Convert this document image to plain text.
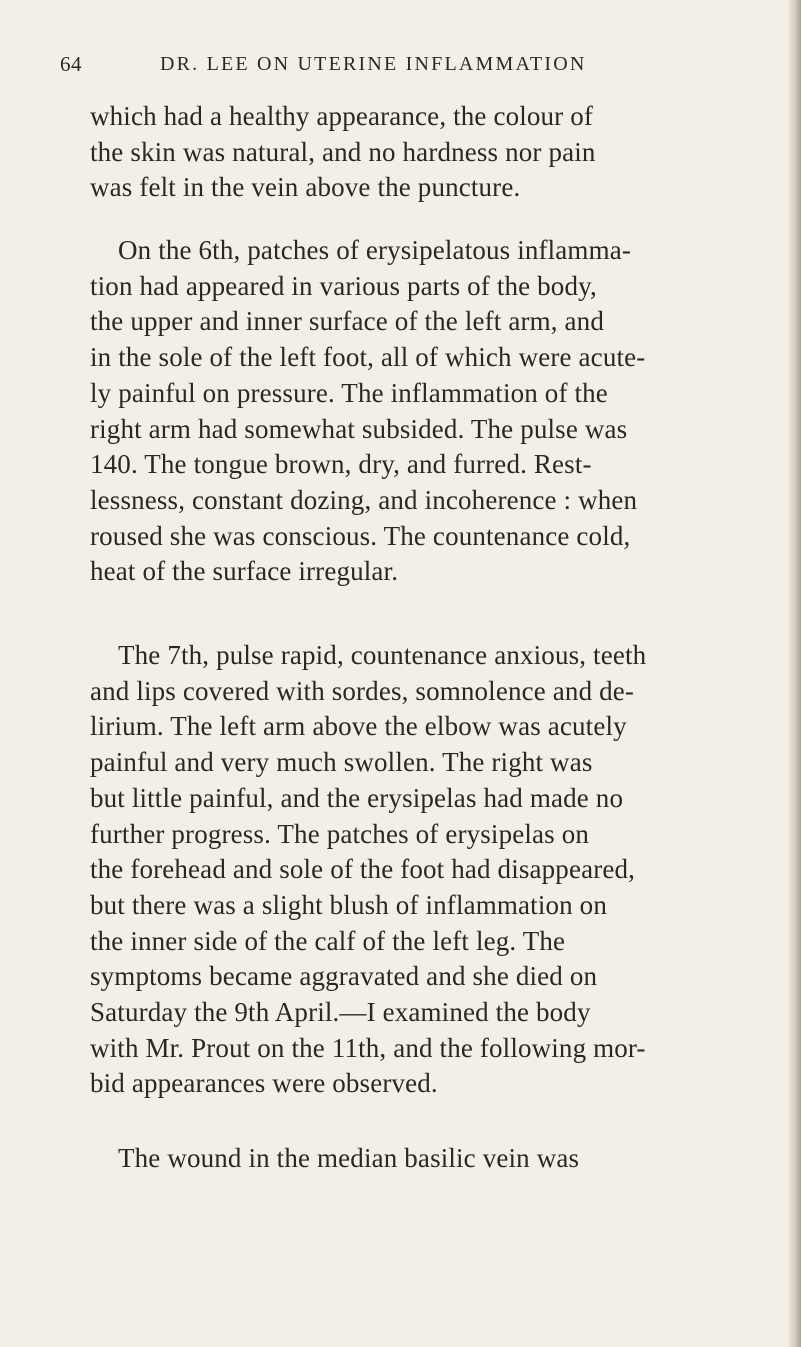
64	DR. LEE ON UTERINE INFLAMMATION
which had a healthy appearance, the colour of
the skin was natural, and no hardness nor pain
was felt in the vein above the puncture.
On the 6th, patches of erysipelatous inflamma-
tion had appeared in various parts of the body,
the upper and inner surface of the left arm, and
in the sole of the left foot, all of which were acute-
ly painful on pressure. The inflammation of the
right arm had somewhat subsided. The pulse was
140. The tongue brown, dry, and furred. Rest-
lessness, constant dozing, and incoherence : when
roused she was conscious. The countenance cold,
heat of the surface irregular.
The 7th, pulse rapid, countenance anxious, teeth
and lips covered with sordes, somnolence and de-
lirium. The left arm above the elbow was acutely
painful and very much swollen. The right was
but little painful, and the erysipelas had made no
further progress. The patches of erysipelas on
the forehead and sole of the foot had disappeared,
but there was a slight blush of inflammation on
the inner side of the calf of the left leg. The
symptoms became aggravated and she died on
Saturday the 9th April.—I examined the body
with Mr. Prout on the 11th, and the following mor-
bid appearances were observed.
The wound in the median basilic vein was
